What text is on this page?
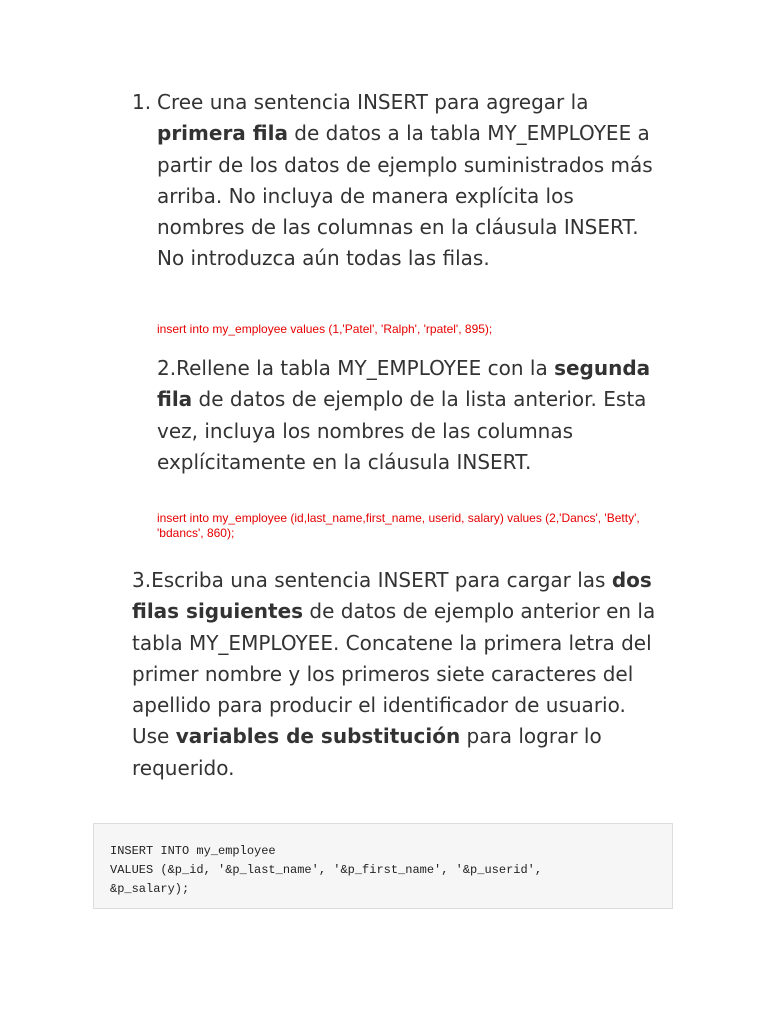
1. Cree una sentencia INSERT para agregar la primera fila de datos a la tabla MY_EMPLOYEE a partir de los datos de ejemplo suministrados más arriba. No incluya de manera explícita los nombres de las columnas en la cláusula INSERT. No introduzca aún todas las filas.

insert into my_employee values (1,'Patel', 'Ralph', 'rpatel', 895);

2.Rellene la tabla MY_EMPLOYEE con la segunda fila de datos de ejemplo de la lista anterior. Esta vez, incluya los nombres de las columnas explícitamente en la cláusula INSERT.

insert into my_employee (id,last_name,first_name, userid, salary) values (2,'Dancs', 'Betty', 'bdancs', 860);

3.Escriba una sentencia INSERT para cargar las dos filas siguientes de datos de ejemplo anterior en la tabla MY_EMPLOYEE. Concatene la primera letra del primer nombre y los primeros siete caracteres del apellido para producir el identificador de usuario. Use variables de substitución para lograr lo requerido.

INSERT INTO my_employee
VALUES (&p_id, '&p_last_name', '&p_first_name', '&p_userid',
&p_salary);
